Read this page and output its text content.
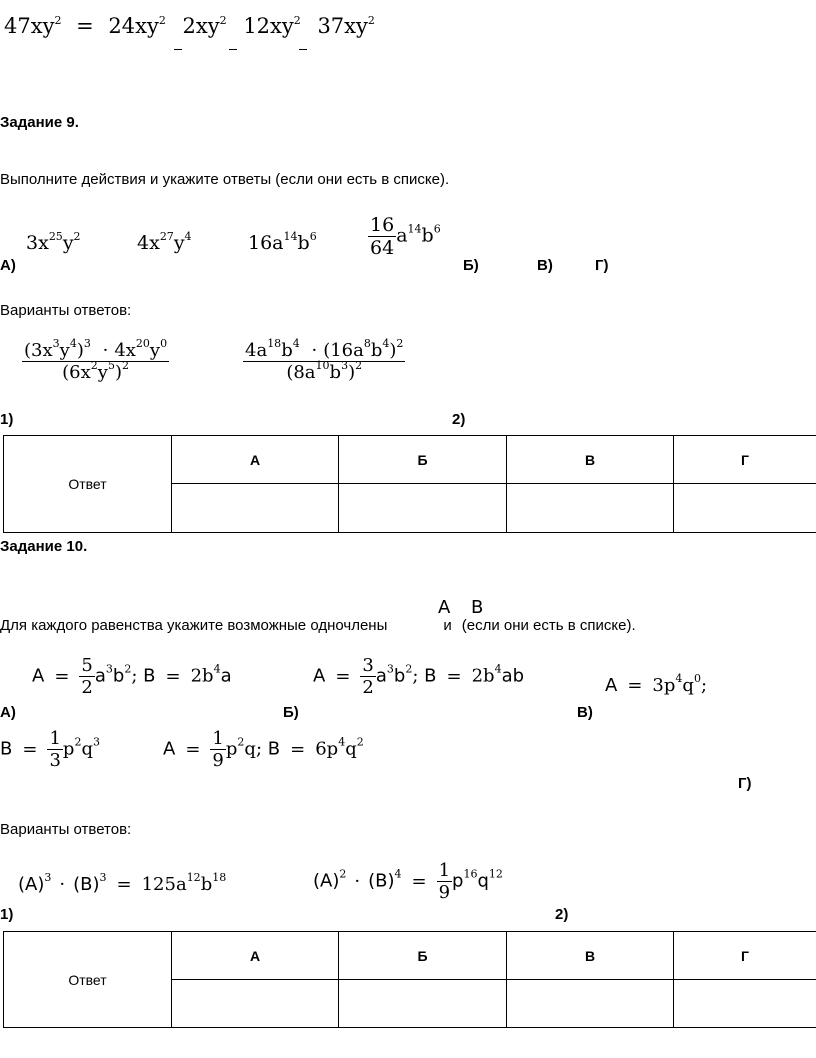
$47xy^2 = 24xy^2$ $2xy^2$ $12xy^2$ $37xy^2$
Задание 9.
Выполните действия и укажите ответы (если они есть в списке).
А)
$3x^{25}y^2$	$4x^{27}y^4$	$16a^{14}b^6$	$\frac{16}{64} a^{14}b^6$
Б)	В)	Г)
Варианты ответов:
$\frac{(3x^3y^4)^3 \cdot 4x^{20}y^0}{(6x^2y^5)^2}$	$\frac{4a^{18}b^4 \cdot (16a^8b^4)^2}{(8a^{10}b^3)^2}$
1)	2)
Ответ	А	Б	В	Г

Задание 10.
A B
Для каждого равенства укажите возможные одночлены	и (если они есть в списке).
А)
$A = \frac{5}{2} a^3b^2$; $B = 2b^4a$
Б)
$A = \frac{3}{2} a^3b^2$; $B = 2b^4ab$
В)
$A = 3p^4q^0$;
$B = \frac{1}{3} p^2q^3$	$A = \frac{1}{9} p^2q$; $B = 6p^4q^2$
Г)
Варианты ответов:
$(A)^3 \cdot (B)^3 = 125a^{12}b^{18}$	$(A)^2 \cdot (B)^4 = \frac{1}{9} p^{16}q^{12}$
1)	2)
Ответ	А	Б	В	Г
